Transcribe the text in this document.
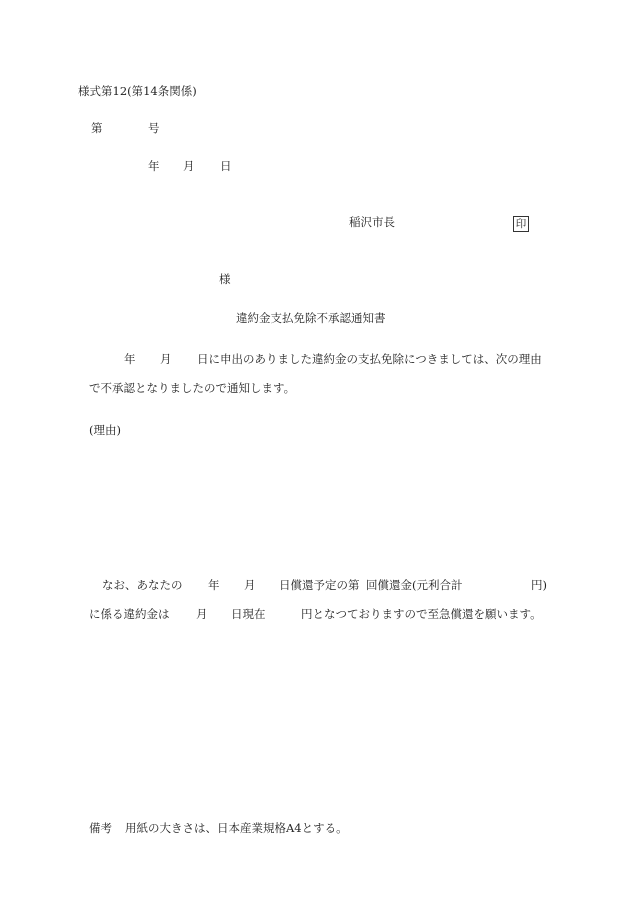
様式第12(第14条関係)
第	号
年 月 日
稲沢市長	印
様
違約金支払免除不承認通知書
年 月 日に申出のありました違約金の支払免除につきましては、次の理由
で不承認となりましたので通知します。
(理由)
なお、あなたの 年 月 日償還予定の第 回償還金(元利合計	円)
に係る違約金は 月 日現在	円となつておりますので至急償還を願います。
備考 用紙の大きさは、日本産業規格A4とする。
